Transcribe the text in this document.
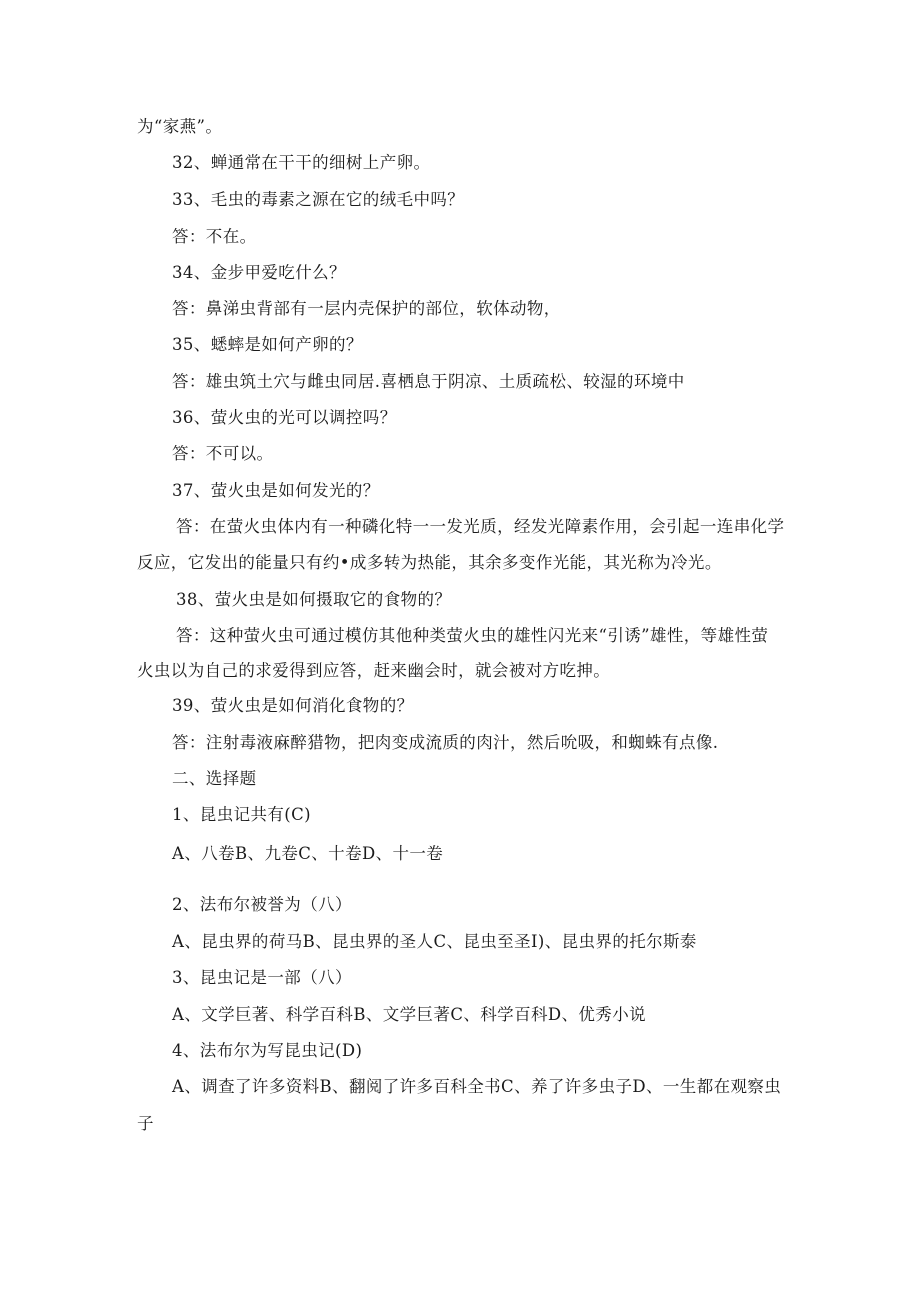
为“家燕”。
32、蝉通常在干干的细树上产卵。
33、毛虫的毒素之源在它的绒毛中吗？
答：不在。
34、金步甲爱吃什么？
答：鼻涕虫背部有一层内壳保护的部位，软体动物，
35、蟋蟀是如何产卵的？
答：雄虫筑土穴与雌虫同居.喜栖息于阴凉、土质疏松、较湿的环境中
36、萤火虫的光可以调控吗？
答：不可以。
37、萤火虫是如何发光的？
答：在萤火虫体内有一种磷化特一一发光质，经发光障素作用，会引起一连串化学
反应，它发出的能量只有约•成多转为热能，其余多变作光能，其光称为冷光。
38、萤火虫是如何摄取它的食物的？
答：这种萤火虫可通过模仿其他种类萤火虫的雄性闪光来“引诱”雄性，等雄性萤
火虫以为自己的求爱得到应答，赶来幽会时，就会被对方吃抻。
39、萤火虫是如何消化食物的？
答：注射毒液麻醉猎物，把肉变成流质的肉汁，然后吮吸，和蜘蛛有点像.
二、选择题
1、昆虫记共有(C)
A、八卷B、九卷C、十卷D、十一卷
2、法布尔被誉为（八）
A、昆虫界的荷马B、昆虫界的圣人C、昆虫至圣I)、昆虫界的托尔斯泰
3、昆虫记是一部（八）
A、文学巨著、科学百科B、文学巨著C、科学百科D、优秀小说
4、法布尔为写昆虫记(D)
A、调查了许多资料B、翻阅了许多百科全书C、养了许多虫子D、一生都在观察虫
子
